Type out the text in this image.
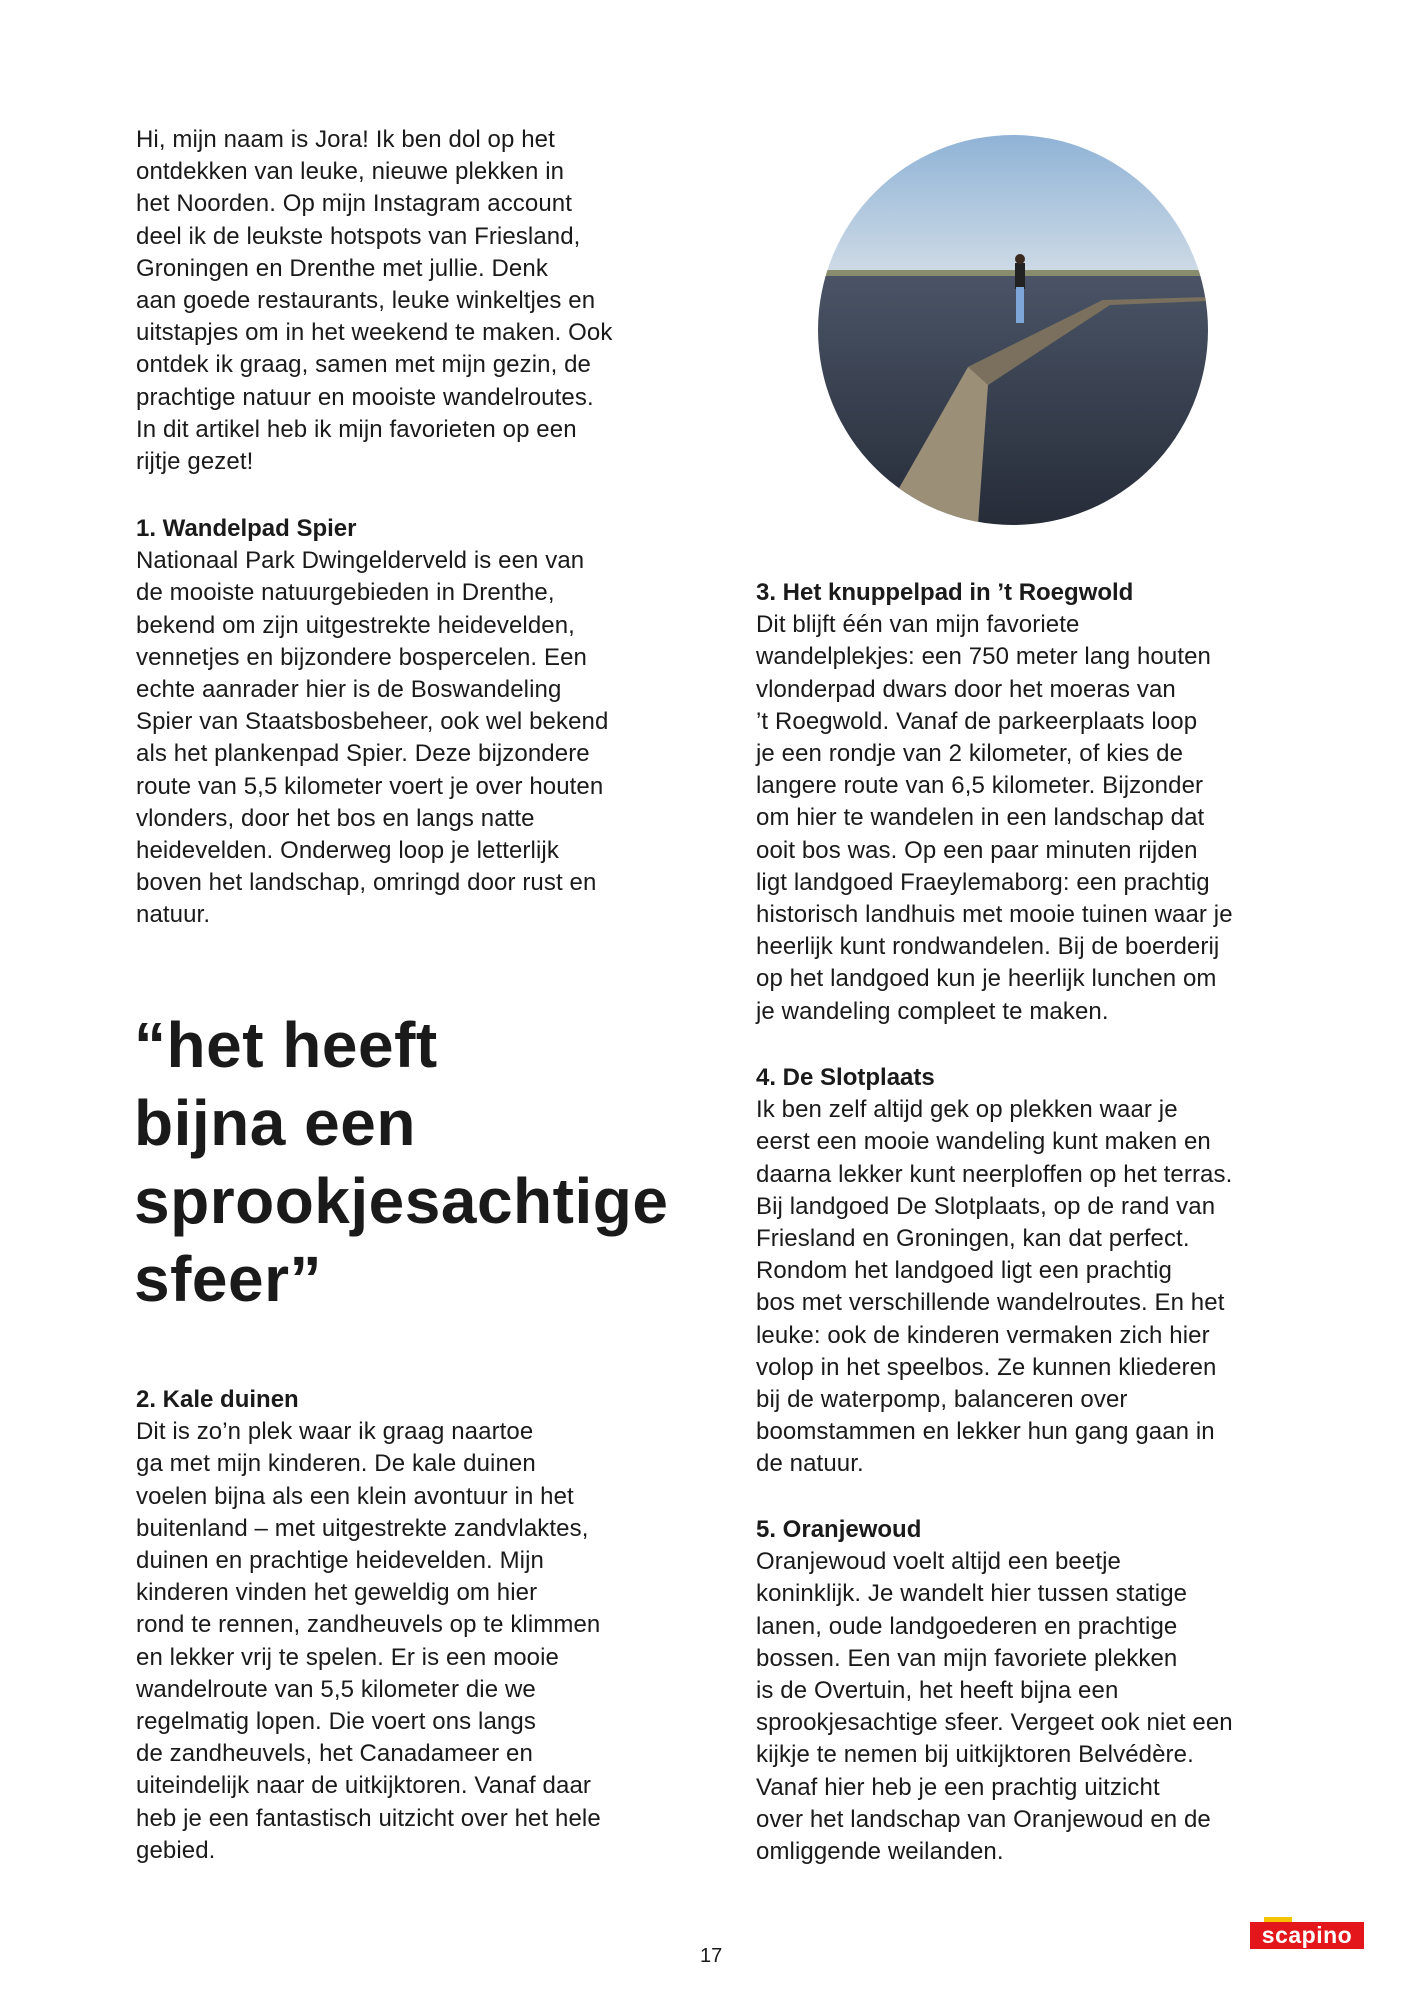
Hi, mijn naam is Jora! Ik ben dol op het
ontdekken van leuke, nieuwe plekken in
het Noorden. Op mijn Instagram account
deel ik de leukste hotspots van Friesland,
Groningen en Drenthe met jullie. Denk
aan goede restaurants, leuke winkeltjes en
uitstapjes om in het weekend te maken. Ook
ontdek ik graag, samen met mijn gezin, de
prachtige natuur en mooiste wandelroutes.
In dit artikel heb ik mijn favorieten op een
rijtje gezet!
1. Wandelpad Spier
Nationaal Park Dwingelderveld is een van
de mooiste natuurgebieden in Drenthe,
bekend om zijn uitgestrekte heidevelden,
vennetjes en bijzondere bospercelen. Een
echte aanrader hier is de Boswandeling
Spier van Staatsbosbeheer, ook wel bekend
als het plankenpad Spier. Deze bijzondere
route van 5,5 kilometer voert je over houten
vlonders, door het bos en langs natte
heidevelden. Onderweg loop je letterlijk
boven het landschap, omringd door rust en
natuur.
2. Kale duinen
Dit is zo’n plek waar ik graag naartoe
ga met mijn kinderen. De kale duinen
voelen bijna als een klein avontuur in het
buitenland – met uitgestrekte zandvlaktes,
duinen en prachtige heidevelden. Mijn
kinderen vinden het geweldig om hier
rond te rennen, zandheuvels op te klimmen
en lekker vrij te spelen. Er is een mooie
wandelroute van 5,5 kilometer die we
regelmatig lopen. Die voert ons langs
de zandheuvels, het Canadameer en
uiteindelijk naar de uitkijktoren. Vanaf daar
heb je een fantastisch uitzicht over het hele
gebied.
3. Het knuppelpad in ’t Roegwold
Dit blijft één van mijn favoriete
wandelplekjes: een 750 meter lang houten
vlonderpad dwars door het moeras van
’t Roegwold. Vanaf de parkeerplaats loop
je een rondje van 2 kilometer, of kies de
langere route van 6,5 kilometer. Bijzonder
om hier te wandelen in een landschap dat
ooit bos was. Op een paar minuten rijden
ligt landgoed Fraeylemaborg: een prachtig
historisch landhuis met mooie tuinen waar je
heerlijk kunt rondwandelen. Bij de boerderij
op het landgoed kun je heerlijk lunchen om
je wandeling compleet te maken.
4. De Slotplaats
Ik ben zelf altijd gek op plekken waar je
eerst een mooie wandeling kunt maken en
daarna lekker kunt neerploffen op het terras.
Bij landgoed De Slotplaats, op de rand van
Friesland en Groningen, kan dat perfect.
Rondom het landgoed ligt een prachtig
bos met verschillende wandelroutes. En het
leuke: ook de kinderen vermaken zich hier
volop in het speelbos. Ze kunnen kliederen
bij de waterpomp, balanceren over
boomstammen en lekker hun gang gaan in
de natuur.
5. Oranjewoud
Oranjewoud voelt altijd een beetje
koninklijk. Je wandelt hier tussen statige
lanen, oude landgoederen en prachtige
bossen. Een van mijn favoriete plekken
is de Overtuin, het heeft bijna een
sprookjesachtige sfeer. Vergeet ook niet een
kijkje te nemen bij uitkijktoren Belvédère.
Vanaf hier heb je een prachtig uitzicht
over het landschap van Oranjewoud en de
omliggende weilanden.
“het heeft
bijna een
sprookjesachtige
sfeer”
17
scapino
